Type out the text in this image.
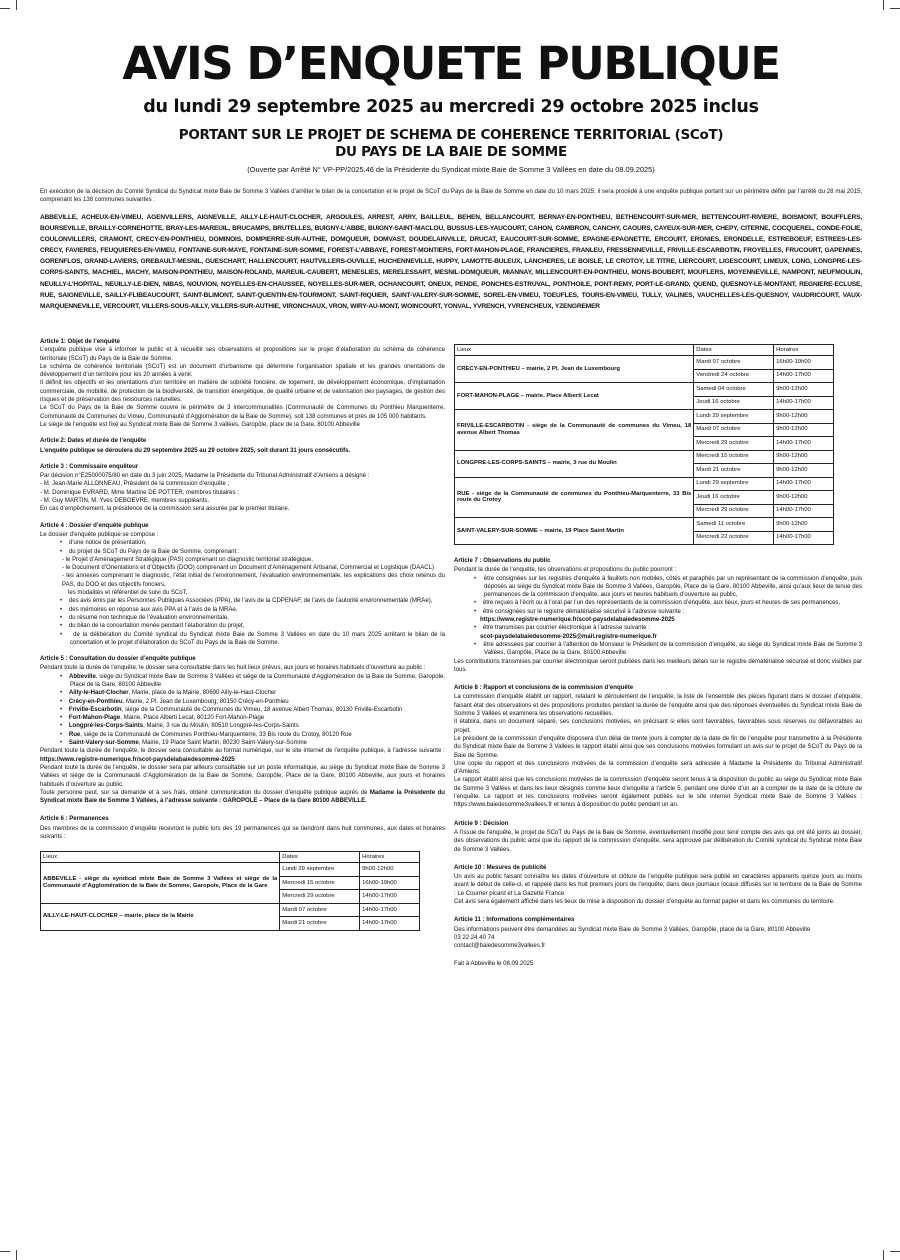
AVIS D’ENQUETE PUBLIQUE
du lundi 29 septembre 2025 au mercredi 29 octobre 2025 inclus
PORTANT SUR LE PROJET DE SCHEMA DE COHERENCE TERRITORIAL (SCoT)
DU PAYS DE LA BAIE DE SOMME
(Ouverte par Arrêté N° VP-PP/2025.46 de la Présidente du Syndicat mixte Baie de Somme 3 Vallées en date du 08.09.2025)
En exécution de la décision du Comité Syndical du Syndicat mixte Baie de Somme 3 Vallées d’arrêter le bilan de la concertation et le projet de SCoT du Pays de la Baie de Somme en date du 10 mars 2025, il sera procédé à une enquête publique portant sur un périmètre défini par l’arrêté du 28 mai 2015, comprenant les 138 communes suivantes :
ABBEVILLE, ACHEUX-EN-VIMEU, AGENVILLERS, AIGNEVILLE, AILLY-LE-HAUT-CLOCHER, ARGOULES, ARREST, ARRY, BAILLEUL, BEHEN, BELLANCOURT, BERNAY-EN-PONTHIEU, BETHENCOURT-SUR-MER, BETTENCOURT-RIVIERE, BOISMONT, BOUFFLERS, BOURSEVILLE, BRAILLY-CORNEHOTTE, BRAY-LES-MAREUIL, BRUCAMPS, BRUTELLES, BUIGNY-L’ABBE, BUIGNY-SAINT-MACLOU, BUSSUS-LES-YAUCOURT, CAHON, CAMBRON, CANCHY, CAOURS, CAYEUX-SUR-MER, CHEPY, CITERNE, COCQUEREL, CONDE-FOLIE, COULONVILLERS, CRAMONT, CRECY-EN-PONTHIEU, DOMINOIS, DOMPIERRE-SUR-AUTHIE, DOMQUEUR, DOMVAST, DOUDELAINVILLE, DRUCAT, EAUCOURT-SUR-SOMME, EPAGNE-EPAGNETTE, ERCOURT, ERGNIES, ERONDELLE, ESTREBOEUF, ESTREES-LES-CRECY, FAVIERES, FEUQUIERES-EN-VIMEU, FONTAINE-SUR-MAYE, FONTAINE-SUR-SOMME, FOREST-L’ABBAYE, FOREST-MONTIERS, FORT-MAHON-PLAGE, FRANCIERES, FRANLEU, FRESSENNEVILLE, FRIVILLE-ESCARBOTIN, FROYELLES, FRUCOURT, GAPENNES, GORENFLOS, GRAND-LAVIERS, GREBAULT-MESNIL, GUESCHART, HALLENCOURT, HAUTVILLERS-OUVILLE, HUCHENNEVILLE, HUPPY, LAMOTTE-BULEUX, LANCHERES, LE BOISLE, LE CROTOY, LE TITRE, LIERCOURT, LIGESCOURT, LIMEUX, LONG, LONGPRE-LES-CORPS-SAINTS, MACHIEL, MACHY, MAISON-PONTHIEU, MAISON-ROLAND, MAREUIL-CAUBERT, MENESLIES, MERELESSART, MESNIL-DOMQUEUR, MIANNAY, MILLENCOURT-EN-PONTHIEU, MONS-BOUBERT, MOUFLERS, MOYENNEVILLE, NAMPONT, NEUFMOULIN, NEUILLY-L’HOPITAL, NEUILLY-LE-DIEN, NIBAS, NOUVION, NOYELLES-EN-CHAUSSEE, NOYELLES-SUR-MER, OCHANCOURT, ONEUX, PENDE, PONCHES-ESTRUVAL, PONTHOILE, PONT-REMY, PORT-LE-GRAND, QUEND, QUESNOY-LE-MONTANT, REGNIERE-ECLUSE, RUE, SAIGNEVILLE, SAILLY-FLIBEAUCOURT, SAINT-BLIMONT, SAINT-QUENTIN-EN-TOURMONT, SAINT-RIQUIER, SAINT-VALERY-SUR-SOMME, SOREL-EN-VIMEU, TOEUFLES, TOURS-EN-VIMEU, TULLY, VALINES, VAUCHELLES-LES-QUESNOY, VAUDRICOURT, VAUX-MARQUENNEVILLE, VERCOURT, VILLERS-SOUS-AILLY, VILLERS-SUR-AUTHIE, VIRONCHAUX, VRON, WIRY-AU-MONT, WOINCOURT, YONVAL, YVRENCH, YVRENCHEUX, YZENGREMER

Article 1: Objet de l’enquête

L’enquête publique vise à informer le public et à recueillir ses observations et propositions sur le projet d’élaboration du schéma de cohérence territoriale (SCoT) du Pays de la Baie de Somme.

Le schéma de cohérence territoriale (SCoT) est un document d’urbanisme qui détermine l’organisation spatiale et les grandes orientations de développement d’un territoire pour les 20 années à venir.

Il définit les objectifs et les orientations d’un territoire en matière de sobriété foncière, de logement, de développement économique, d’implantation commerciale, de mobilité, de protection de la biodiversité, de transition énergétique, de qualité urbaine et de valorisation des paysages, de gestion des risques et de préservation des ressources naturelles.

Le SCoT du Pays de la Baie de Somme couvre le périmètre de 3 intercommunalités (Communauté de Communes du Ponthieu Marquenterre, Communauté de Communes du Vimeu, Communauté d’Agglomération de la Baie de Somme), soit 138 communes et près de 105 000 habitants.

Le siège de l’enquête est fixé au Syndicat mixte Baie de Somme 3 vallées, Garopôle, place de la Gare, 80100 Abbeville

Article 2: Dates et durée de l’enquête

L’enquête publique se déroulera du 29 septembre 2025 au 29 octobre 2025, soit durant 31 jours consécutifs.

Article 3 : Commissaire enquêteur

Par décision n°E25000075/80 en date du 3 juin 2025, Madame la Présidente du Tribunal Administratif d’Amiens a désigné :

- M. Jean-Marie ALLONNEAU, Président de la commission d’enquête ;

- M. Dominique EVRARD, Mme Martine DE POTTER, membres titulaires ;

- M. Guy MARTIN, M. Yves DEBOEVRE, membres suppléants.

En cas d’empêchement, la présidence de la commission sera assurée par le premier titulaire.

Article 4 : Dossier d’enquête publique

Le dossier d’enquête publique se compose :

•    d’une notice de présentation,

•    du projet de SCoT du Pays de la Baie de Somme, comprenant :

- le Projet d’Aménagement Stratégique (PAS) comprenant un diagnostic territorial stratégique,

- le Document d’Orientations et d’Objectifs (DOO) comprenant un Document d’Aménagement Artisanal, Commercial et Logistique (DAACL)

- les annexes comprenant le diagnostic, l’état initial de l’environnement, l’évaluation environnementale, les explications des choix retenus du PAS, du DOO et des objectifs fonciers,

les modalités et référentiel de suivi du SCoT,

•    des avis émis par les Personnes Publiques Associées (PPA), de l’avis de la CDPENAF, de l’avis de l’autorité environnementale (MRAe),

•    des mémoires en réponse aux avis PPA et à l’avis de la MRAe,

•    du résumé non technique de l’évaluation environnementale,

•    du bilan de la concertation menée pendant l’élaboration du projet,

•    de la délibération du Comité syndical du Syndicat mixte Baie de Somme 3 Vallées en date du 10 mars 2025 arrêtant le bilan de la concertation et le projet d’élaboration du SCoT du Pays de la Baie de Somme.

Article 5 : Consultation du dossier d’enquête publique

Pendant toute la durée de l’enquête, le dossier sera consultable dans les huit lieux prévus, aux jours et horaires habituels d’ouverture au public :

•    Abbeville, siège du Syndicat mixte Baie de Somme 3 Vallées et siège de la Communauté d’Agglomération de la Baie de Somme, Garopole, Place de la Gare, 80100 Abbeville

•    Ailly-le-Haut-Clocher, Mairie, place de la Mairie, 80690 Ailly-le-Haut-Clocher

•    Crécy-en-Ponthieu, Mairie, 2 Pl. Jean de Luxembourg, 80150 Crécy-en-Ponthieu

•    Friville-Escarbotin, siège de la Communauté de Communes du Vimeu, 18 avenue Albert Thomas, 80130 Friville-Escarbotin

•    Fort-Mahon-Plage, Mairie, Place Alberti Lecat, 80120 Fort-Mahon-Plage

•    Longpré-les-Corps-Saints, Mairie, 3 rue du Moulin, 80510 Longpré-les-Corps-Saints

•    Rue, siège de la Communauté de Communes Ponthieu-Marquenterre, 33 Bis route du Crotoy, 80120 Rue

•    Saint-Valery-sur-Somme, Mairie, 19 Place Saint Martin, 80230 Saint-Valery-sur-Somme

Pendant toute la durée de l’enquête, le dossier sera consultable au format numérique, sur le site internet de l’enquête publique, à l’adresse suivante : https://www.registre-numerique.fr/scot-paysdelabaiedesomme-2025

Pendant toute la durée de l’enquête, le dossier sera par ailleurs consultable sur un poste informatique, au siège du Syndicat mixte Baie de Somme 3 Vallées et siège de la Communauté d’Agglomération de la Baie de Somme, Garopôle, Place de la Gare, 80100 Abbeville, aux jours et horaires habituels d’ouverture au public.

Toute personne peut, sur sa demande et à ses frais, obtenir communication du dossier d’enquête publique auprès de Madame la Présidente du Syndicat mixte Baie de Somme 3 Vallées, à l’adresse suivante : GAROPOLE – Place de la Gare 80100 ABBEVILLE.

Article 6 : Permanences

Des membres de la commission d’enquête recevront le public lors des 19 permanences qui se tiendront dans huit communes, aux dates et horaires suivants :

Lieux	Dates	Horaires
ABBEVILLE - siège du syndicat mixte Baie de Somme 3 Vallées et siège de la Communauté d’Agglomération de la Baie de Somme, Garopole, Place de la Gare	Lundi 29 septembre	9h00-12h00
	Mercredi 15 octobre	16h00-19h00
	Mercredi 29 octobre	14h00-17h00
AILLY-LE-HAUT-CLOCHER – mairie, place de la Mairie	Mardi 07 octobre	14h00-17h00
	Mardi 21 octobre	14h00-17h00
Lieux	Dates	Horaires
CRECY-EN-PONTHIEU – mairie, 2 Pl. Jean de Luxembourg	Mardi 07 octobre	16h00-19h00
	Vendredi 24 octobre	14h00-17h00
FORT-MAHON-PLAGE – mairie, Place Alberti Lecat	Samedi 04 octobre	9h00-12h00
	Jeudi 16 octobre	14h00-17h00
FRIVILLE-ESCARBOTIN - siège de la Communauté de communes du Vimeu, 18 avenue Albert Thomas	Lundi 29 septembre	9h00-12h00
	Mardi 07 octobre	9h00-12h00
	Mercredi 29 octobre	14h00-17h00
LONGPRE-LES-CORPS-SAINTS – mairie, 3 rue du Moulin	Mercredi 15 octobre	9h00-12h00
	Mardi 21 octobre	9h00-12h00
RUE - siège de la Communauté de communes du Ponthieu-Marquenterre, 33 Bis route du Crotoy	Lundi 29 septembre	14h00-17h00
	Jeudi 16 octobre	9h00-12h00
	Mercredi 29 octobre	14h00-17h00
SAINT-VALERY-SUR-SOMME – mairie, 19 Place Saint Martin	Samedi 11 octobre	9h00-12h00
	Mercredi 22 octobre	14h00-17h00

Article 7 : Observations du public

Pendant la durée de l’enquête, les observations et propositions du public pourront :

•    être consignées sur les registres d’enquête à feuillets non mobiles, côtés et paraphés par un représentant de la commission d’enquête, puis déposés au siège du Syndicat mixte Baie de Somme 3 Vallées, Garopôle, Place de la Gare, 80100 Abbeville, ainsi qu’aux lieux de tenue des permanences de la commission d’enquête, aux jours et heures habituels d’ouverture au public,

•    être reçues à l’écrit ou à l’oral par l’un des représentants de la commission d’enquête, aux lieux, jours et heures de ses permanences,

•    être consignées sur le registre dématérialisé sécurisé à l’adresse suivante :

https://www.registre-numerique.fr/scot-paysdelabaiedesomme-2025

•    être transmises par courrier électronique à l’adresse suivante :

scot-paysdelabaiedesomme-2025@mail.registre-numerique.fr

•    être adressées par courrier à l’attention de Monsieur le Président de la commission d’enquête, au siège du Syndicat mixte Baie de Somme 3 Vallées, Garopôle, Place de la Gare, 80100 Abbeville

Les contributions transmises par courrier électronique seront publiées dans les meilleurs délais sur le registre dématérialisé sécurisé et donc visibles par tous.

Article 8 : Rapport et conclusions de la commission d’enquête

La commission d’enquête établit un rapport, relatant le déroulement de l’enquête, la liste de l’ensemble des pièces figurant dans le dossier d’enquête, faisant état des observations et des propositions produites pendant la durée de l’enquête ainsi que des réponses éventuelles du Syndicat mixte Baie de Somme 3 Vallées et examinera les observations recueillies.

Il établira, dans un document séparé, ses conclusions motivées, en précisant si elles sont favorables, favorables sous réserves ou défavorables au projet.

Le président de la commission d’enquête disposera d’un délai de trente jours à compter de la date de fin de l’enquête pour transmettre à la Présidente du Syndicat mixte Baie de Somme 3 Vallées le rapport établi ainsi que ses conclusions motivées formulant un avis sur le projet de SCoT du Pays de la Baie de Somme.

Une copie du rapport et des conclusions motivées de la commission d’enquête sera adressée à Madame la Présidente du Tribunal Administratif d’Amiens.

Le rapport établi ainsi que les conclusions motivées de la commission d’enquête seront tenus à la disposition du public au siège du Syndicat mixte Baie de Somme 3 Vallées et dans les lieux désignés comme lieux d’enquête à l’article 5, pendant une durée d’un an à compter de la date de la clôture de l’enquête. Le rapport et les conclusions motivées seront également publiés sur le site internet Syndicat mixte Baie de Somme 3 Vallées : https://www.baiedesomme3vallees.fr et tenus à disposition du public pendant un an.

Article 9 : Décision

A l’issue de l’enquête, le projet de SCoT du Pays de la Baie de Somme, éventuellement modifié pour tenir compte des avis qui ont été joints au dossier, des observations du public ainsi que du rapport de la commission d’enquête, sera approuvé par délibération du Comité syndical du Syndicat mixte Baie de Somme 3 Vallées.

Article 10 : Mesures de publicité

Un avis au public faisant connaître les dates d’ouverture et clôture de l’enquête publique sera publié en caractères apparents quinze jours au moins avant le début de celle-ci, et rappelé dans les huit premiers jours de l’enquête, dans deux journaux locaux diffusés sur le territoire de la Baie de Somme : Le Courrier picard et La Gazette France

Cet avis sera également affiché dans les lieux de mise à disposition du dossier d’enquête au format papier et dans les communes du territoire.

Article 11 : Informations complémentaires

Des informations peuvent être demandées au Syndicat mixte Baie de Somme 3 Vallées, Garopôle, place de la Gare, 80100 Abbeville

03 22 24 40 74

contact@baiedesomme3vallees.fr

Fait à Abbeville le 08.09.2025
